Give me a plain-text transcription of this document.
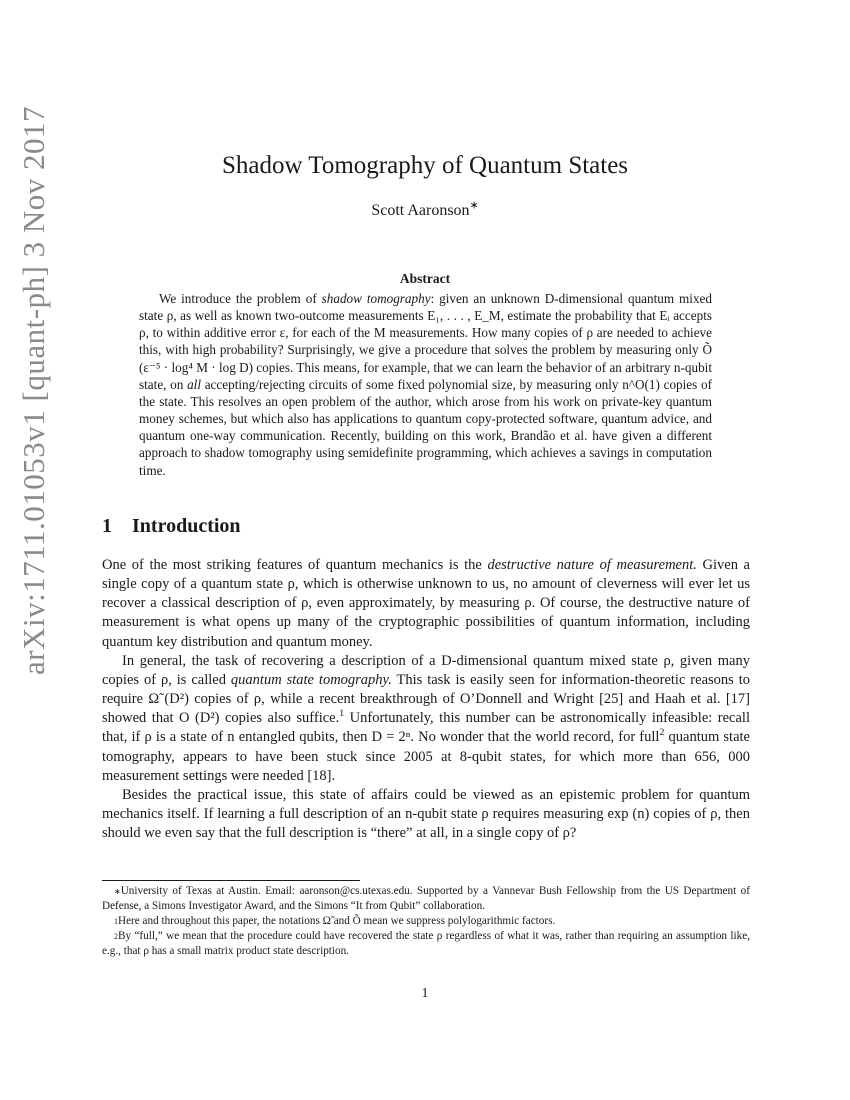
arXiv:1711.01053v1 [quant-ph] 3 Nov 2017	Shadow Tomography of Quantum States
Scott Aaronson∗
Abstract
We introduce the problem of shadow tomography: given an unknown D-dimensional quantum mixed state ρ, as well as known two-outcome measurements E₁, . . . , E_M, estimate the probability that Eᵢ accepts ρ, to within additive error ε, for each of the M measurements. How many copies of ρ are needed to achieve this, with high probability? Surprisingly, we give a procedure that solves the problem by measuring only Õ (ε⁻⁵ · log⁴ M · log D) copies. This means, for example, that we can learn the behavior of an arbitrary n-qubit state, on all accepting/rejecting circuits of some fixed polynomial size, by measuring only n^O(1) copies of the state. This resolves an open problem of the author, which arose from his work on private-key quantum money schemes, but which also has applications to quantum copy-protected software, quantum advice, and quantum one-way communication. Recently, building on this work, Brandão et al. have given a different approach to shadow tomography using semidefinite programming, which achieves a savings in computation time.
1 Introduction

One of the most striking features of quantum mechanics is the destructive nature of measurement. Given a single copy of a quantum state ρ, which is otherwise unknown to us, no amount of cleverness will ever let us recover a classical description of ρ, even approximately, by measuring ρ. Of course, the destructive nature of measurement is what opens up many of the cryptographic possibilities of quantum information, including quantum key distribution and quantum money.

In general, the task of recovering a description of a D-dimensional quantum mixed state ρ, given many copies of ρ, is called quantum state tomography. This task is easily seen for information-theoretic reasons to require Ω̃ (D²) copies of ρ, while a recent breakthrough of O’Donnell and Wright [25] and Haah et al. [17] showed that O (D²) copies also suffice.$^1$ Unfortunately, this number can be astronomically infeasible: recall that, if ρ is a state of n entangled qubits, then D = 2ⁿ. No wonder that the world record, for full$^2$ quantum state tomography, appears to have been stuck since 2005 at 8-qubit states, for which more than 656, 000 measurement settings were needed [18].

Besides the practical issue, this state of affairs could be viewed as an epistemic problem for quantum mechanics itself. If learning a full description of an n-qubit state ρ requires measuring exp (n) copies of ρ, then should we even say that the full description is “there” at all, in a single copy of ρ?

∗University of Texas at Austin. Email: aaronson@cs.utexas.edu. Supported by a Vannevar Bush Fellowship from the US Department of Defense, a Simons Investigator Award, and the Simons “It from Qubit” collaboration.

$^1$Here and throughout this paper, the notations Ω̃ and Õ mean we suppress polylogarithmic factors.

$^2$By “full,” we mean that the procedure could have recovered the state ρ regardless of what it was, rather than requiring an assumption like, e.g., that ρ has a small matrix product state description.

1
